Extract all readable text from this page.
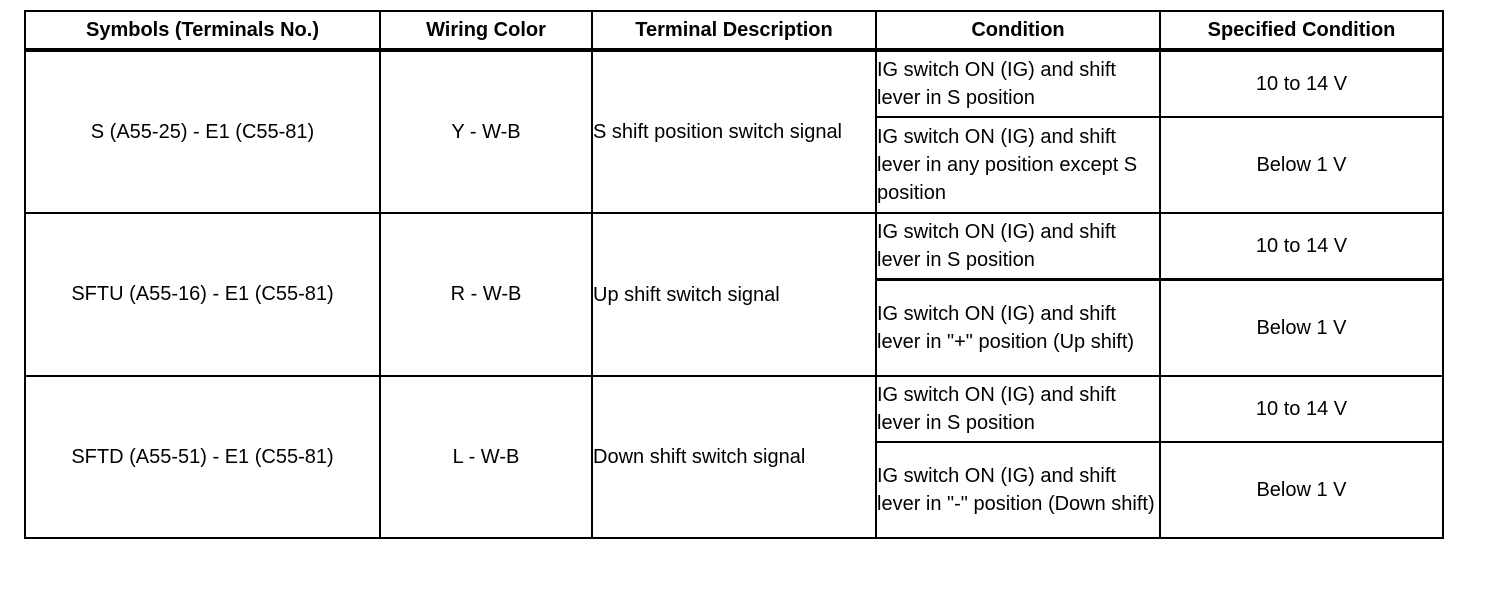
Symbols (Terminals No.)	Wiring Color	Terminal Description	Condition	Specified Condition
S (A55-25) - E1 (C55-81)	Y - W-B	S shift position switch signal	IG switch ON (IG) and shift lever in S position	10 to 14 V
			IG switch ON (IG) and shift lever in any position except S position	Below 1 V
SFTU (A55-16) - E1 (C55-81)	R - W-B	Up shift switch signal	IG switch ON (IG) and shift lever in S position	10 to 14 V
			IG switch ON (IG) and shift lever in "+" position (Up shift)	Below 1 V
SFTD (A55-51) - E1 (C55-81)	L - W-B	Down shift switch signal	IG switch ON (IG) and shift lever in S position	10 to 14 V
			IG switch ON (IG) and shift lever in "-" position (Down shift)	Below 1 V
